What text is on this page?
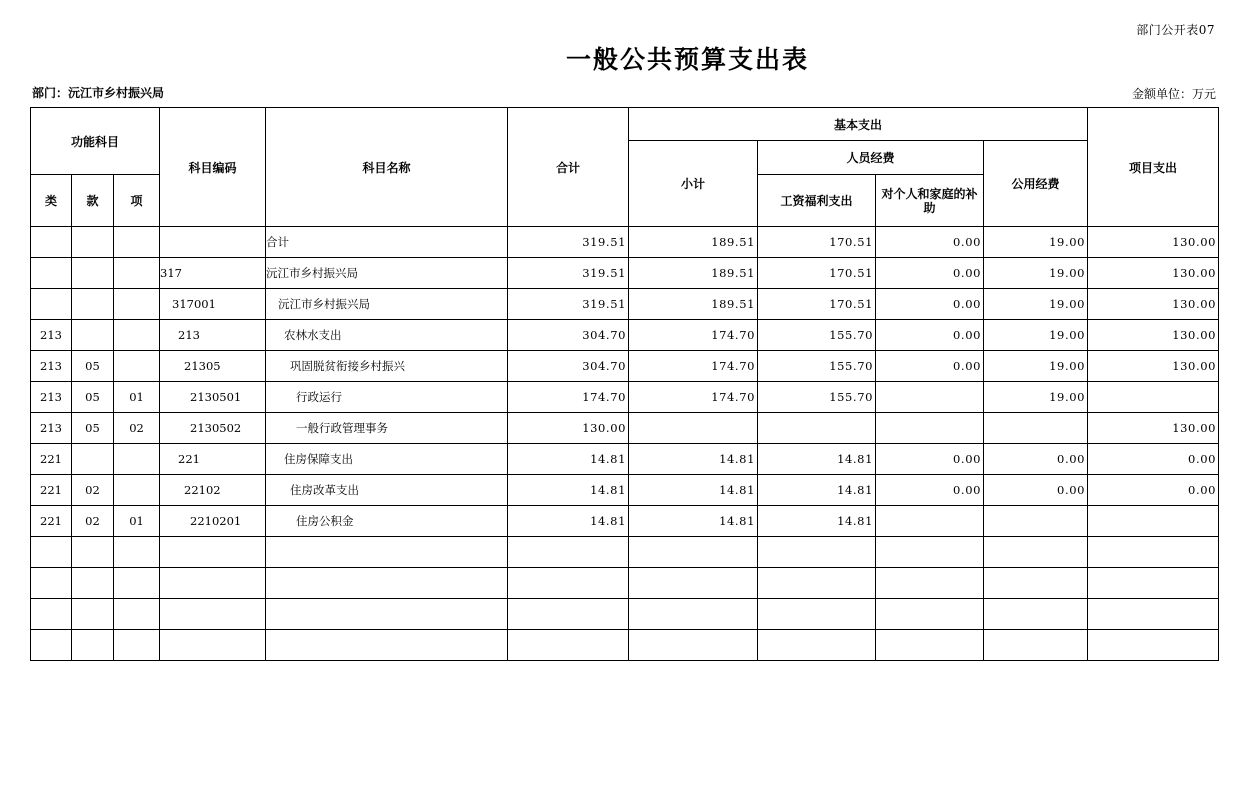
部门公开表07
一般公共预算支出表
部门：沅江市乡村振兴局	金额单位：万元
功能科目			科目编码	科目名称	合计	基本支出				项目支出
						小计	人员经费		公用经费	
类	款	项					工资福利支出	对个人和家庭的补助		
				合计	319.51	189.51	170.51	0.00	19.00	130.00
			317	沅江市乡村振兴局	319.51	189.51	170.51	0.00	19.00	130.00
			317001	沅江市乡村振兴局	319.51	189.51	170.51	0.00	19.00	130.00
213			213	农林水支出	304.70	174.70	155.70	0.00	19.00	130.00
213	05		21305	巩固脱贫衔接乡村振兴	304.70	174.70	155.70	0.00	19.00	130.00
213	05	01	2130501	行政运行	174.70	174.70	155.70		19.00	
213	05	02	2130502	一般行政管理事务	130.00					130.00
221			221	住房保障支出	14.81	14.81	14.81	0.00	0.00	0.00
221	02		22102	住房改革支出	14.81	14.81	14.81	0.00	0.00	0.00
221	02	01	2210201	住房公积金	14.81	14.81	14.81			
